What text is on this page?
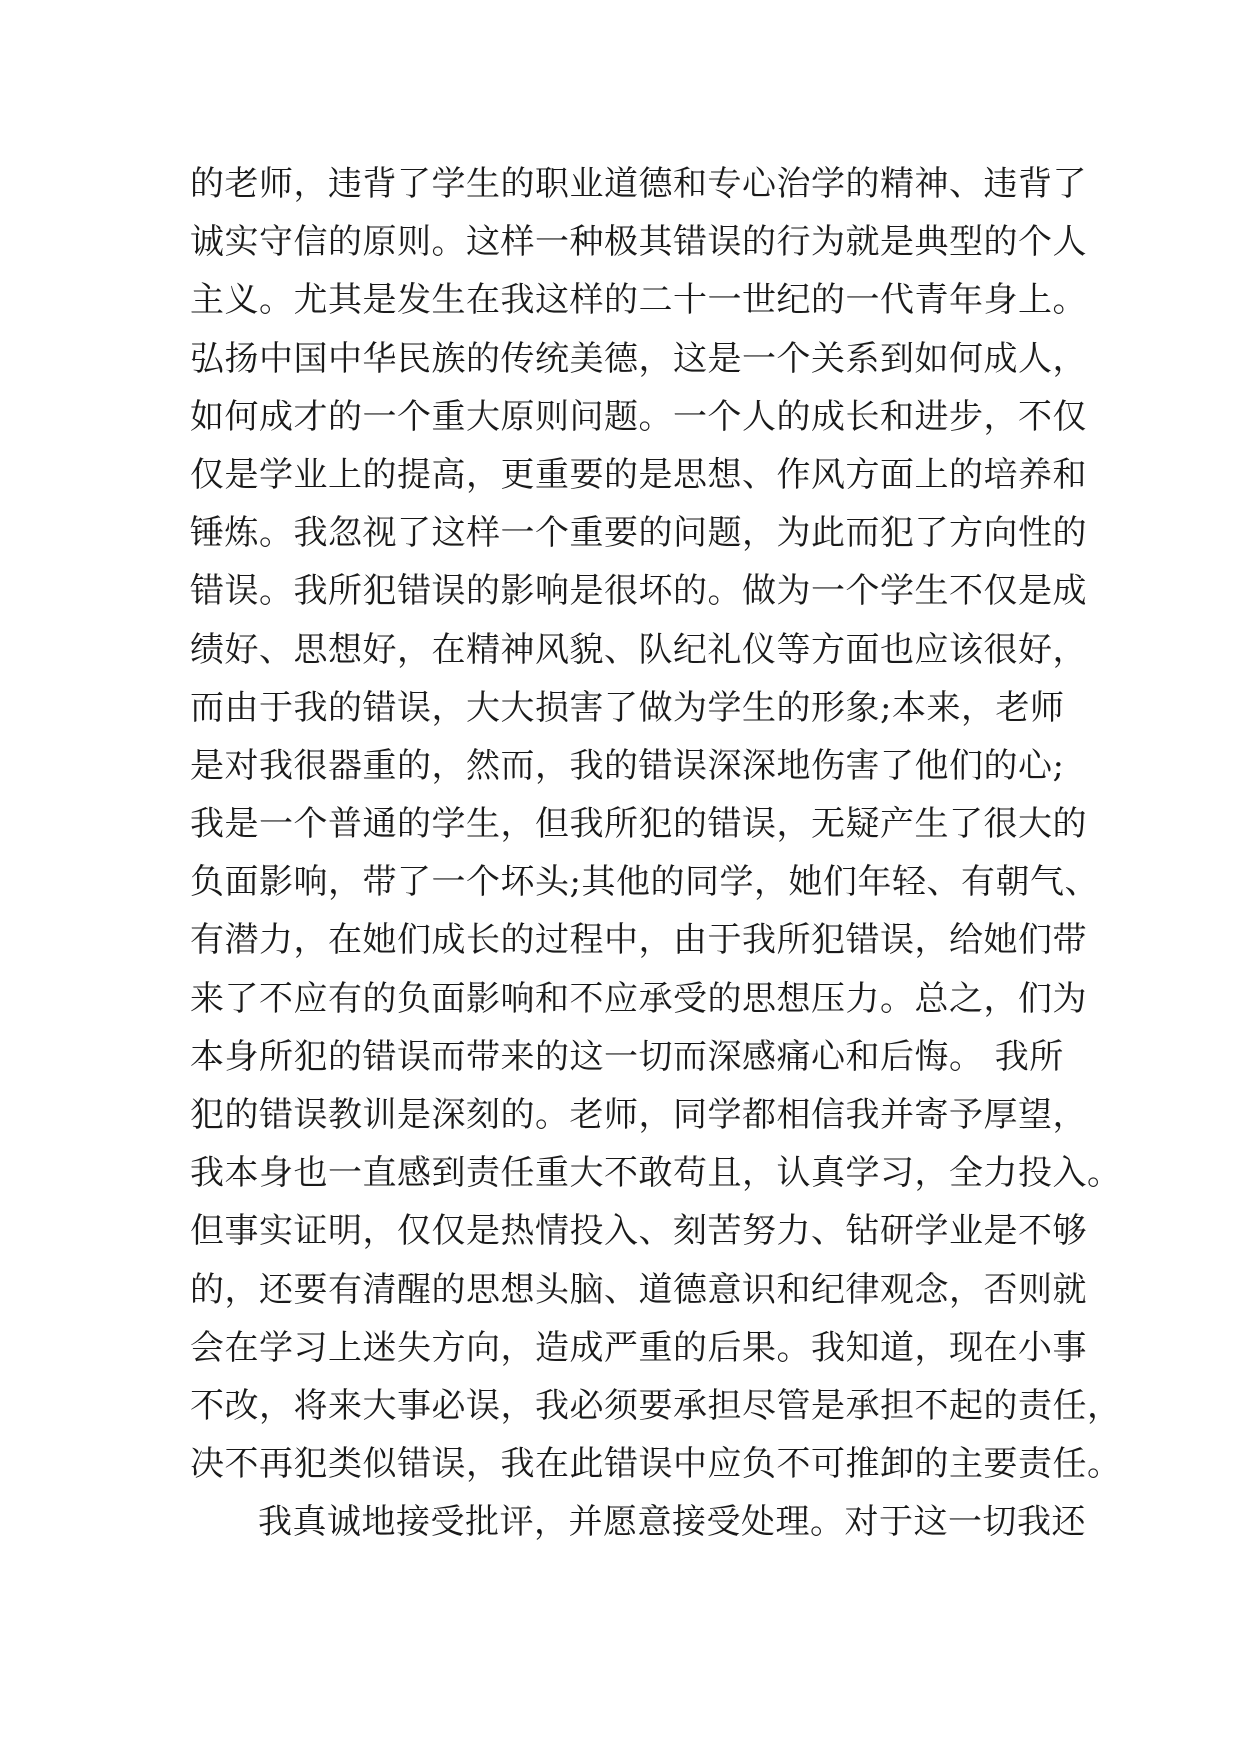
的老师，违背了学生的职业道德和专心治学的精神、违背了
诚实守信的原则。这样一种极其错误的行为就是典型的个人
主义。尤其是发生在我这样的二十一世纪的一代青年身上。
弘扬中国中华民族的传统美德，这是一个关系到如何成人，
如何成才的一个重大原则问题。一个人的成长和进步，不仅
仅是学业上的提高，更重要的是思想、作风方面上的培养和
锤炼。我忽视了这样一个重要的问题，为此而犯了方向性的
错误。我所犯错误的影响是很坏的。做为一个学生不仅是成
绩好、思想好，在精神风貌、队纪礼仪等方面也应该很好，
而由于我的错误，大大损害了做为学生的形象;本来，老师
是对我很器重的，然而，我的错误深深地伤害了他们的心;
我是一个普通的学生，但我所犯的错误，无疑产生了很大的
负面影响，带了一个坏头;其他的同学，她们年轻、有朝气、
有潜力，在她们成长的过程中，由于我所犯错误，给她们带
来了不应有的负面影响和不应承受的思想压力。总之，们为
本身所犯的错误而带来的这一切而深感痛心和后悔。 我所
犯的错误教训是深刻的。老师，同学都相信我并寄予厚望，
我本身也一直感到责任重大不敢苟且，认真学习，全力投入。
但事实证明，仅仅是热情投入、刻苦努力、钻研学业是不够
的，还要有清醒的思想头脑、道德意识和纪律观念，否则就
会在学习上迷失方向，造成严重的后果。我知道，现在小事
不改，将来大事必误，我必须要承担尽管是承担不起的责任，
决不再犯类似错误，我在此错误中应负不可推卸的主要责任。
我真诚地接受批评，并愿意接受处理。对于这一切我还
